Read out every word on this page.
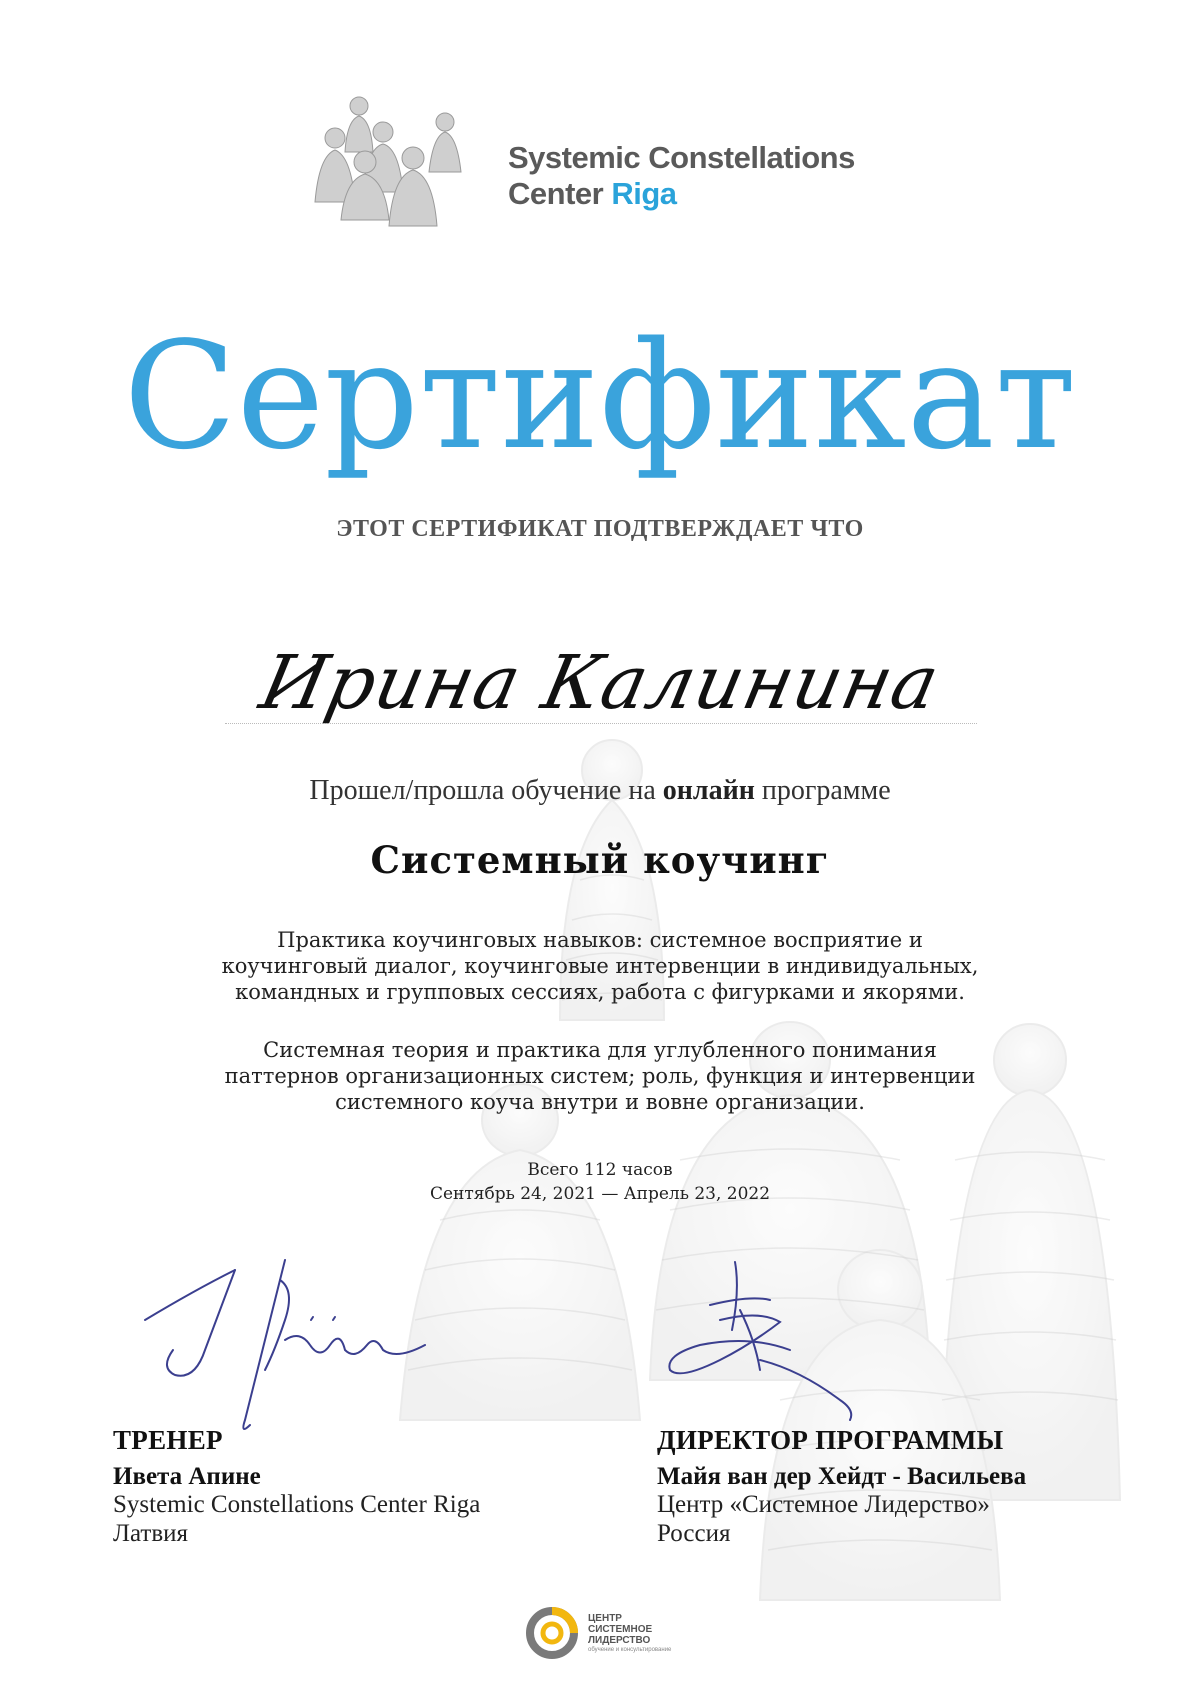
Systemic Constellations
Center Riga
Сертификат
ЭТОТ СЕРТИФИКАТ ПОДТВЕРЖДАЕТ ЧТО
Ирина Калинина
Прошел/прошла обучение на онлайн программе
Системный коучинг
Практика коучинговых навыков: системное восприятие и коучинговый диалог, коучинговые интервенции в индивидуальных, командных и групповых сессиях, работа с фигурками и якорями.
Системная теория и практика для углубленного понимания паттернов организационных систем; роль, функция и интервенции системного коуча внутри и вовне организации.
Всего 112 часов
Сентябрь 24, 2021 — Апрель 23, 2022
ТРЕНЕР
Ивета Апине
Systemic Constellations Center Riga
Латвия
ДИРЕКТОР ПРОГРАММЫ
Майя ван дер Хейдт - Васильева
Центр «Системное Лидерство»
Россия
ЦЕНТР
СИСТЕМНОЕ
ЛИДЕРСТВО
обучение и консультирование
